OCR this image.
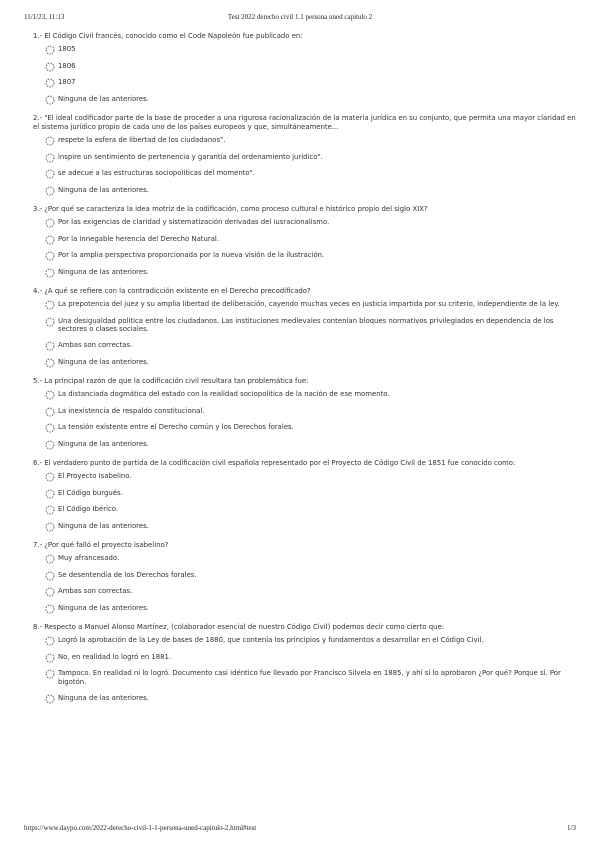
11/1/23, 11:13	Test 2022 derecho civil 1.1 persona uned capitulo 2
1.- El Código Civil francés, conocido como el Code Napoleón fue publicado en:
1805
1806
1807
Ninguna de las anteriores.
2.- "El ideal codificador parte de la base de proceder a una rigurosa racionalización de la materia jurídica en su conjunto, que permita una mayor claridad en el sistema jurídico propio de cada uno de los países europeos y que, simultáneamente...
respete la esfera de libertad de los ciudadanos".
inspire un sentimiento de pertenencia y garantía del ordenamiento jurídico".
se adecue a las estructuras sociopolíticas del momento".
Ninguna de las anteriores.
3.- ¿Por qué se caracteriza la idea motriz de la codificación, como proceso cultural e histórico propio del siglo XIX?
Por las exigencias de claridad y sistematización derivadas del iusracionalismo.
Por la innegable herencia del Derecho Natural.
Por la amplia perspectiva proporcionada por la nueva visión de la ilustración.
Ninguna de las anteriores.
4.- ¿A qué se refiere con la contradicción existente en el Derecho precodificado?
La prepotencia del juez y su amplia libertad de deliberación, cayendo muchas veces en justicia impartida por su criterio, independiente de la ley.
Una desigualdad política entre los ciudadanos. Las instituciones medievales contenían bloques normativos privilegiados en dependencia de los sectores o clases sociales.
Ambas son correctas.
Ninguna de las anteriores.
5.- La principal razón de que la codificación civil resultara tan problemática fue:
La distanciada dogmática del estado con la realidad sociopolítica de la nación de ese momento.
La inexistencia de respaldo constitucional.
La tensión existente entre el Derecho común y los Derechos forales.
Ninguna de las anteriores.
6.- El verdadero punto de partida de la codificación civil española representado por el Proyecto de Código Civil de 1851 fue conocido como:
El Proyecto Isabelino.
El Código burgués.
El Código Ibérico.
Ninguna de las anteriores.
7.- ¿Por qué falló el proyecto isabelino?
Muy afrancesado.
Se desentendía de los Derechos forales.
Ambas son correctas.
Ninguna de las anteriores.
8.- Respecto a Manuel Alonso Martínez, (colaborador esencial de nuestro Código Civil) podemos decir como cierto que:
Logró la aprobación de la Ley de bases de 1880, que contenía los principios y fundamentos a desarrollar en el Código Civil.
No, en realidad lo logró en 1881.
Tampoco. En realidad ni lo logró. Documento casi idéntico fue llevado por Francisco Silvela en 1885, y ahí sí lo aprobaron ¿Por qué? Porque sí. Por bigotón.
Ninguna de las anteriores.
https://www.daypo.com/2022-derecho-civil-1-1-persona-uned-capitulo-2.html#test	1/3
